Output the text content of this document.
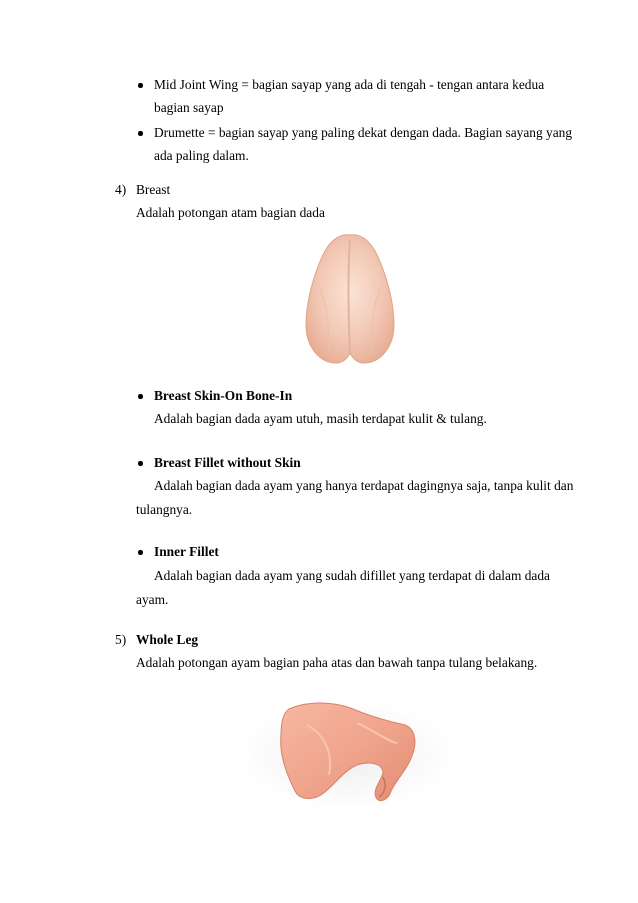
Mid Joint Wing = bagian sayap yang ada di tengah - tengan antara kedua
bagian sayap
Drumette = bagian sayap yang paling dekat dengan dada. Bagian sayang yang
ada paling dalam.
4) Breast
Adalah potongan atam bagian dada
Breast Skin-On Bone-In
Adalah bagian dada ayam utuh, masih terdapat kulit & tulang.
Breast Fillet without Skin
Adalah bagian dada ayam yang hanya terdapat dagingnya saja, tanpa kulit dan
tulangnya.
Inner Fillet
Adalah bagian dada ayam yang sudah difillet yang terdapat di dalam dada
ayam.
5) Whole Leg
Adalah potongan ayam bagian paha atas dan bawah tanpa tulang belakang.
